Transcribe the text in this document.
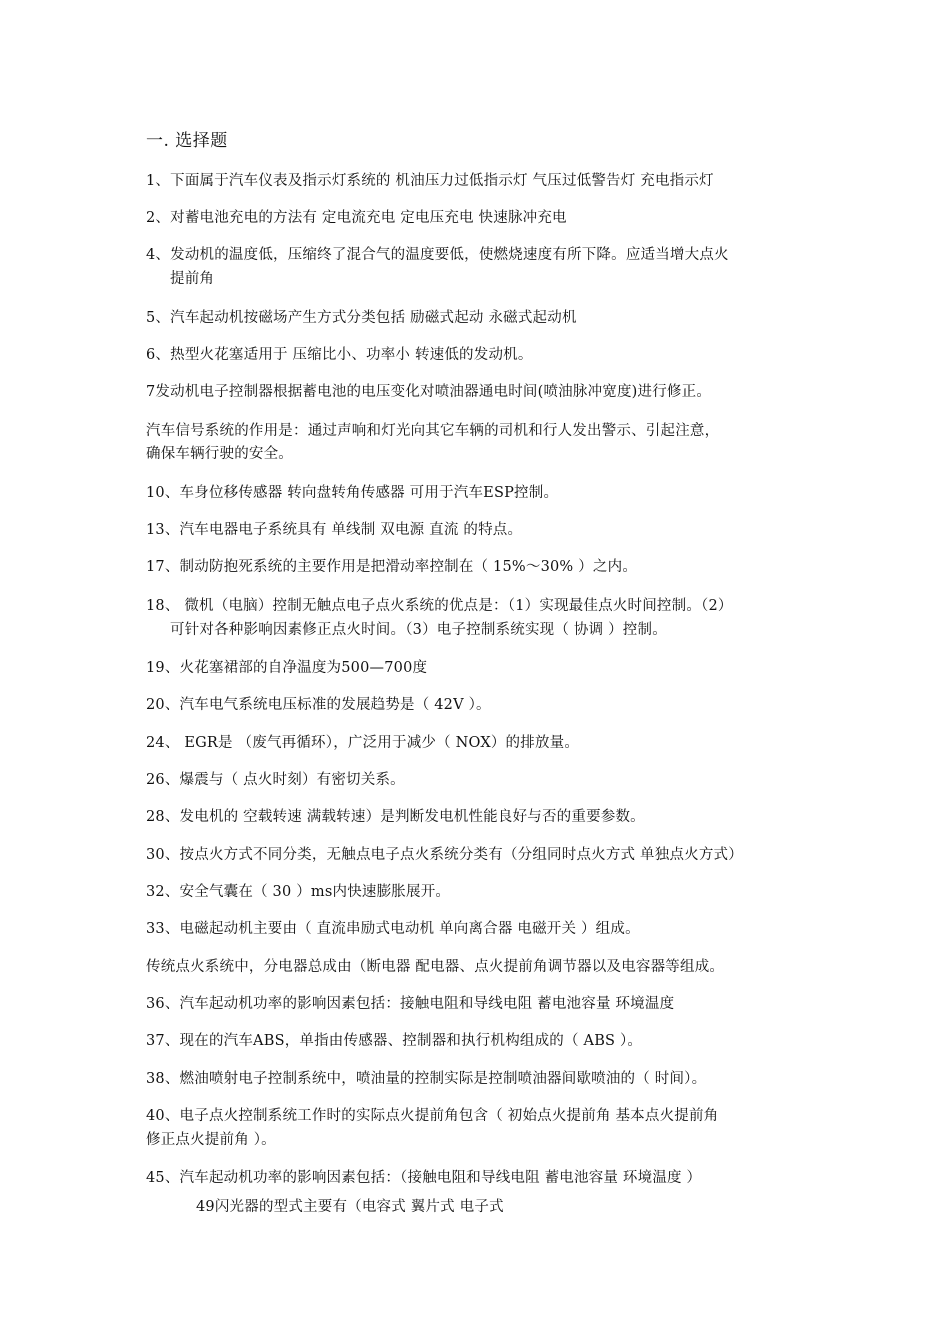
一. 选择题
1、下面属于汽车仪表及指示灯系统的 机油压力过低指示灯 气压过低警告灯 充电指示灯
2、对蓄电池充电的方法有 定电流充电 定电压充电 快速脉冲充电
4、发动机的温度低，压缩终了混合气的温度要低，使燃烧速度有所下降。应适当增大点火
提前角
5、汽车起动机按磁场产生方式分类包括 励磁式起动 永磁式起动机
6、热型火花塞适用于 压缩比小、功率小 转速低的发动机。
7发动机电子控制器根据蓄电池的电压变化对喷油器通电时间(喷油脉冲宽度)进行修正。
汽车信号系统的作用是：通过声响和灯光向其它车辆的司机和行人发出警示、引起注意，
确保车辆行驶的安全。
10、车身位移传感器 转向盘转角传感器 可用于汽车ESP控制。
13、汽车电器电子系统具有 单线制 双电源 直流 的特点。
17、制动防抱死系统的主要作用是把滑动率控制在（ 15%～30% ）之内。
18、 微机（电脑）控制无触点电子点火系统的优点是：（1）实现最佳点火时间控制。（2）
可针对各种影响因素修正点火时间。（3）电子控制系统实现（ 协调 ）控制。
19、火花塞裙部的自净温度为500—700度
20、汽车电气系统电压标准的发展趋势是（ 42V ）。
24、 EGR是 （废气再循环），广泛用于减少（ NOX）的排放量。
26、爆震与（ 点火时刻）有密切关系。
28、发电机的 空载转速 满载转速）是判断发电机性能良好与否的重要参数。
30、按点火方式不同分类，无触点电子点火系统分类有（分组同时点火方式 单独点火方式）
32、安全气囊在（ 30 ）ms内快速膨胀展开。
33、电磁起动机主要由（ 直流串励式电动机 单向离合器 电磁开关 ）组成。
传统点火系统中，分电器总成由（断电器 配电器、点火提前角调节器以及电容器等组成。
36、汽车起动机功率的影响因素包括：接触电阻和导线电阻 蓄电池容量 环境温度
37、现在的汽车ABS，单指由传感器、控制器和执行机构组成的（ ABS ）。
38、燃油喷射电子控制系统中，喷油量的控制实际是控制喷油器间歇喷油的（ 时间）。
40、电子点火控制系统工作时的实际点火提前角包含（ 初始点火提前角 基本点火提前角
修正点火提前角 ）。
45、汽车起动机功率的影响因素包括：（接触电阻和导线电阻 蓄电池容量 环境温度 ）
49闪光器的型式主要有（电容式 翼片式 电子式
